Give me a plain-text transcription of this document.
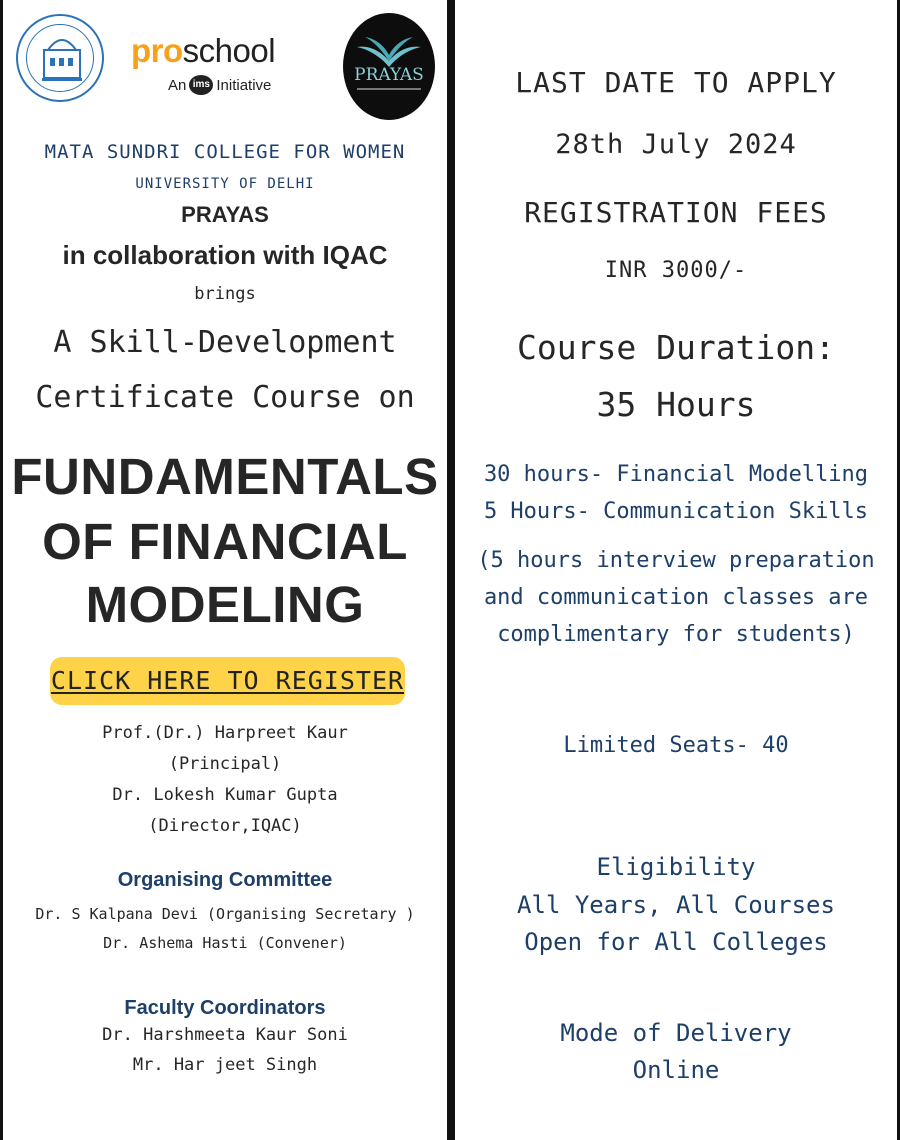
proschool
An ims Initiative	PRAYAS

MATA SUNDRI COLLEGE FOR WOMEN

UNIVERSITY OF DELHI

PRAYAS

in collaboration with IQAC

brings

A Skill-Development

Certificate Course on

FUNDAMENTALS

OF FINANCIAL

MODELING

CLICK HERE TO REGISTER

Prof.(Dr.) Harpreet Kaur

(Principal)

Dr. Lokesh Kumar Gupta

(Director,IQAC)

Organising Committee

Dr. S Kalpana Devi (Organising Secretary )

Dr. Ashema Hasti (Convener)

Faculty Coordinators

Dr. Harshmeeta Kaur Soni

Mr. Har jeet Singh

LAST DATE TO APPLY

28th July 2024

REGISTRATION FEES

INR 3000/-

Course Duration:

35 Hours

30 hours- Financial Modelling

5 Hours- Communication Skills

(5 hours interview preparation

and communication classes are

complimentary for students)

Limited Seats- 40

Eligibility

All Years, All Courses

Open for All Colleges

Mode of Delivery

Online
